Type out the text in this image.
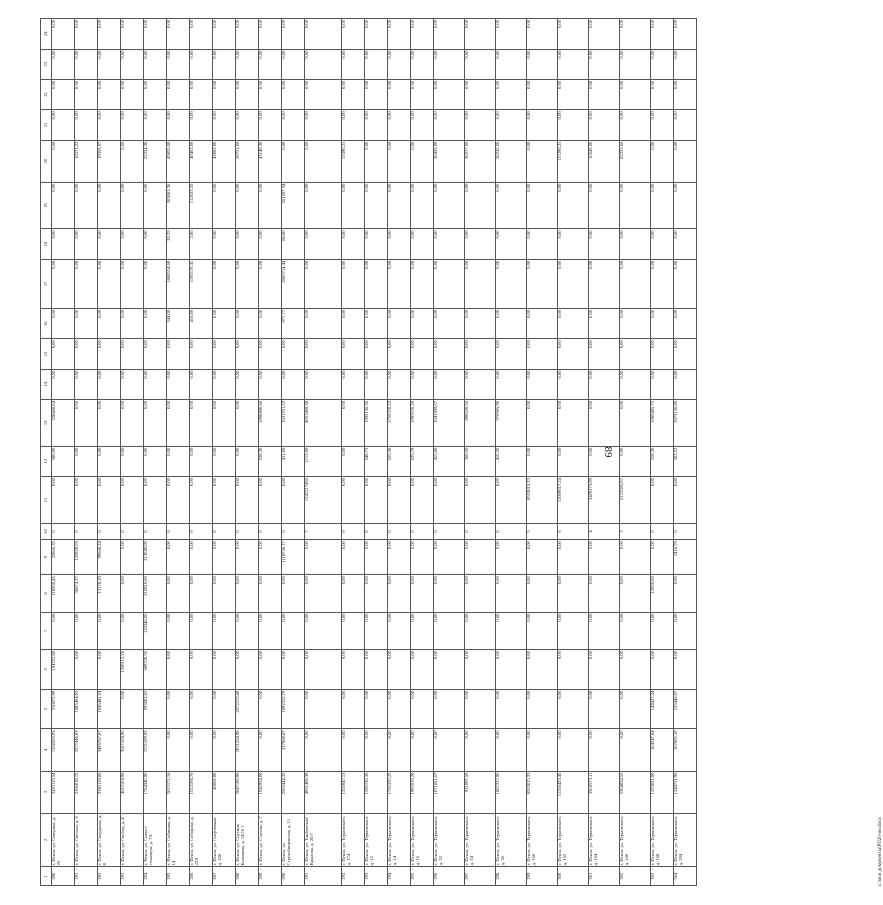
89
1	2	3	4	5	6	7	8	9	10	11	12	13	14	15	16	17	18	19	20	21	22	23	24
280	г. Пенза, ул. Северная, д. 26	2451110,54	1156503,93	310672,99	194353,80	0,00	118230,45	22866,35	0	0,00	580,00	228460,04	0,00	0,00	0,00	0,00	0,00	0,00	0,00	0,00	0,00	0,00	0,00
281	г. Пенза, ул. Светлая, д. 6	3166018,15	2577446,03	1085464,03	0,00	0,00	30674,27	125928,63	0	0,00	0,00	0,00	0,00	0,00	0,00	0,00	0,00	0,00	18271,22	0,00	0,00	0,00	0,00
282	г. Пенза, ул. Свердлова, д. 8	3381119,60	3495767,97	1945481,24	0,00	0,00	12178,19	99568,24	0	0,00	0,00	0,00	0,00	0,00	0,00	0,00	0,00	0,00	19353,57	0,00	0,00	0,00	0,00
283	г. Пенза, ул. Свобод, д. 4	4611104,96	3611104,96	0,00	1338115,26	0,00	0,00	0,00	0	0,00	0,00	0,00	0,00	0,00	0,00	0,00	0,00	0,00	0,00	0,00	0,00	0,00	0,00
284	г. Пенза, ул. Совхоз- техникум, д. 7А	1754340,90	1721109,92	593803,02	689720,50	118240,06	215910,00	213049,09	0	0,00	0,00	0,00	0,00	0,00	0,00	0,00	0,00	0,00	22234,30	0,00	0,00	0,00	0,00
285	г. Пенза, ул. Собинова, д. 14	2013171,16	0,00	0,00	0,00	0,00	0,00	0,00	0	0,00	0,00	0,00	0,00	0,00	544,00	1688514,60	20,25	283081,36	43855,00	0,00	0,00	0,00	0,00
286	г. Пенза, ул. Соборная, д. 23А	1512194,76	0,00	0,00	0,00	0,00	0,00	0,00	0	0,00	0,00	0,00	0,00	0,00	416,00	1195119,41	2,86	112633,35	40462,00	0,00	0,00	0,00	0,00
287	г. Пенза, ул. Спортивная, д. 100	42062,00	0,00	0,00	0,00	0,00	0,00	0,00	0	0,00	0,00	0,00	0,00	0,00	0,00	0,00	0,00	0,00	43062,00	0,00	0,00	0,00	0,00
288	г. Пенза, ул. Спутник Калинина, д. 14/10 1	2047196,90	2071234,98	2072215,88	0,00	0,00	0,00	0,00	0	0,00	0,00	0,00	0,00	0,00	0,00	0,00	0,00	0,00	69751,00	0,00	0,00	0,00	0,00
289	г. Пенза, ул. Стасова, д. 7	1942954,00	0,00	0,00	0,00	0,00	0,00	0,00	0	0,00	528,30	1898490,60	0,00	0,00	0,00	0,00	0,00	0,00	43148,30	0,00	0,00	0,00	0,00
290	г. Пенза, ул. Стрельбищенская, д. 11	2503444,32	317968,87	1092322,79	0,00	0,00	0,00	1118736,17	0	0,00	411,00	1631251,22	0,00	0,00	977,77	2065714,44	88,00	551207,34	0,00	0,00	0,00	0,00	0,00
291	г. Пенза, ул. Тамбовская/ Крылова, д. 20/7	4051408,38	0,00	0,00	0,00	0,00	0,00	0,00	7	1242217436	1113,60	4051408,38	0,00	0,00	0,00	0,00	0,00	0,00	0,00	0,00	0,00	0,00	0,00
292	г. Пенза, ул. Терновского, д. 174	1255947,13	0,00	0,00	0,00	0,00	0,00	0,00	0	0,00	0,00	0,00	0,00	0,00	0,00	0,00	0,00	0,00	13390,21	0,00	0,00	0,00	0,00
293	г. Пенза, ул. Терновского, д. 12	1595136,36	0,00	0,00	0,00	0,00	0,00	0,00	0	0,00	548,73	1595136,36	0,00	0,00	0,00	0,00	0,00	0,00	0,00	0,00	0,00	0,00	0,00
294	г. Пенза, ул. Терновского, д. 14	1755370,22	0,00	0,00	0,00	0,00	0,00	0,00	0	0,00	625,30	1755370,22	0,00	0,00	0,00	0,00	0,00	0,00	0,00	0,00	0,00	0,00	0,00
295	г. Пенза, ул. Терновского, д. 16	1997670,20	0,00	0,00	0,00	0,00	0,00	0,00	0	0,00	625,79	1997670,20	0,00	0,00	0,00	0,00	0,00	0,00	0,00	0,00	0,00	0,00	0,00
296	г. Пенза, ул. Терновского, д. 32	1071851,67	0,00	0,00	0,00	0,00	0,00	0,00	0	0,00	415,60	1041309,67	0,00	0,00	0,00	0,00	0,00	0,00	30452,00	0,00	0,00	0,00	0,00
297	г. Пенза, ул. Терновского, д. 34	921097,56	0,00	0,00	0,00	0,00	0,00	0,00	0	0,00	360,50	890520,56	0,00	0,00	0,00	0,00	0,00	0,00	30277,00	0,00	0,00	0,00	0,00
298	г. Пенза, ул. Терновского, д. 36	1007227,90	0,00	0,00	0,00	0,00	0,00	0,00	0	0,00	410,20	976985,90	0,00	0,00	0,00	0,00	0,00	0,00	30242,00	0,00	0,00	0,00	0,00
299	г. Пенза, ул. Терновского, д. 160	8553015,33	0,00	0,00	0,00	0,00	0,00	0,00	5	8553015,33	0,00	0,00	0,00	0,00	0,00	0,00	0,00	0,00	0,00	0,00	0,00	0,00	0,00
300	г. Пенза, ул. Терновского, д. 162	11156423,45	0,00	0,00	0,00	0,00	0,00	0,00	6	11009017,24	0,00	0,00	0,00	0,00	0,00	0,00	0,00	0,00	117290,21	0,00	0,00	0,00	0,00
301	г. Пенза, ул. Терновского, д. 164	3502573,11	0,00	0,00	0,00	0,00	0,00	0,00	4	3429173,09	0,00	0,00	0,00	0,00	0,00	0,00	0,00	0,00	10243,00	0,00	0,00	0,00	0,00
302	г. Пенза, ул. Терновского, д. 166	5304834,53	0,00	0,00	0,00	0,00	0,00	0,00	3	5122585,87	0,00	0,00	0,00	0,00	0,00	0,00	0,00	0,00	82253,66	0,00	0,00	0,00	0,00
303	г. Пенза, ул. Терновского, д. 168	1223831,80	104347,04	144427,34	0,00	0,00	12920,00	0,00	0	0,00	318,30	1085485,75	0,00	0,00	0,00	0,00	0,00	0,00	0,00	0,00	0,00	0,00	0,00
304	г. Пенза, ул. Терновского, д. 204	1244731,96	167005,18	155446,07	0,00	0,00	0,00	1416,76	0	0,00	302,32	1073136,80	0,00	0,00	0,00	0,00	0,00	0,00	0,00	0,00	0,00	0,00	0,00
c:\мои документы\РП20-ии.docx
